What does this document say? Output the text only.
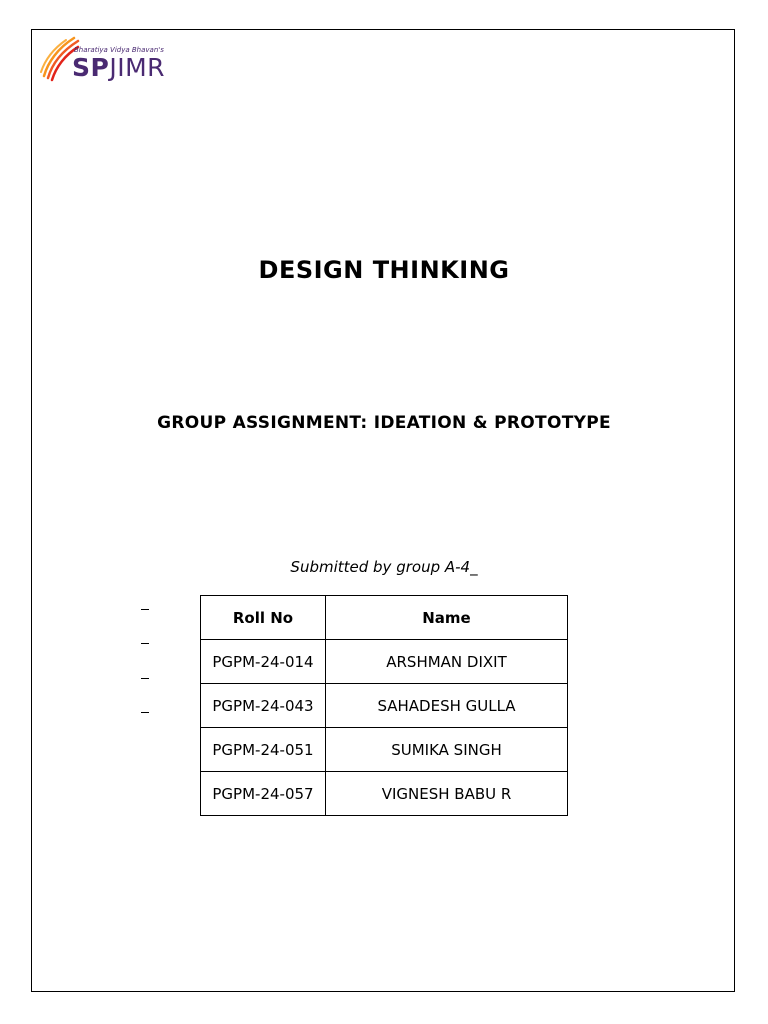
Bharatiya Vidya Bhavan's
SPJIMR
DESIGN THINKING
GROUP ASSIGNMENT: IDEATION & PROTOTYPE
Submitted by group A-4_
Roll No	Name
PGPM-24-014	ARSHMAN DIXIT
PGPM-24-043	SAHADESH GULLA
PGPM-24-051	SUMIKA SINGH
PGPM-24-057	VIGNESH BABU R
